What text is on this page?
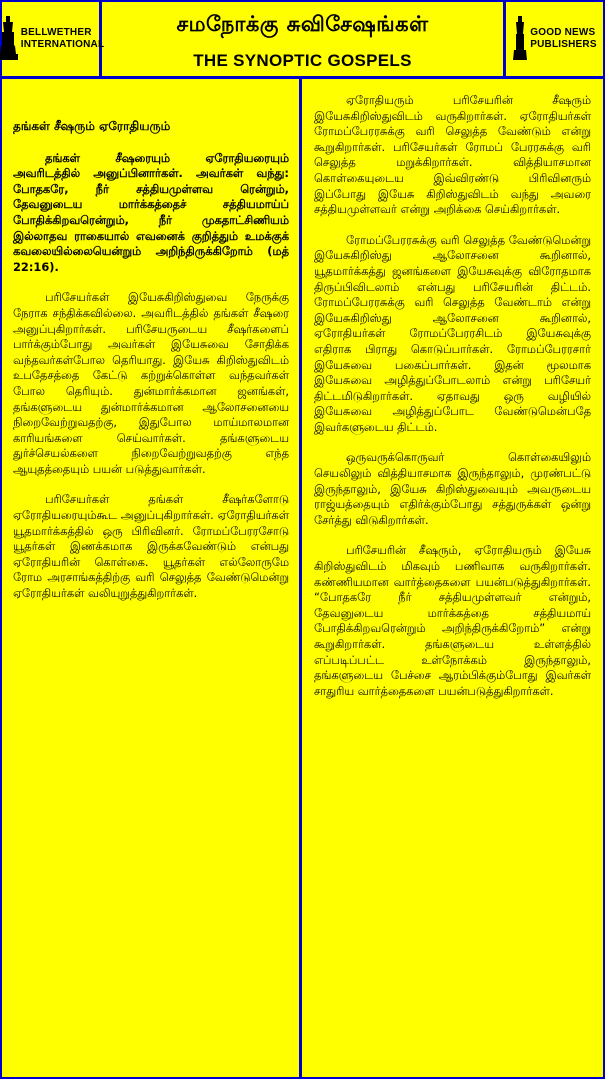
BELLWETHER
INTERNATIONAL
சமநோக்கு சுவிசேஷங்கள்
THE SYNOPTIC GOSPELS
GOOD NEWS
PUBLISHERS
தங்கள் சீஷரும் ஏரோதியரும்

தங்கள் சீஷரையும் ஏரோதியரையும் அவரிடத்தில் அனுப்பினார்கள். அவர்கள் வந்து: போதகரே, நீர் சத்தியமுள்ளவ ரென்றும், தேவனுடைய மார்க்கத்தைச் சத்தியமாய்ப் போதிக்கிறவரென்றும், நீர் முகதாட்சிணியம் இல்லாதவ ராகையால் எவனைக் குறித்தும் உமக்குக் கவலையில்லையென்றும் அறிந்திருக்கிறோம் (மத் 22:16).

பரிசேயர்கள் இயேசுகிறிஸ்துவை நேருக்கு நேராக சந்திக்கவில்லை. அவரிடத்தில் தங்கள் சீஷரை அனுப்புகிறார்கள். பரிசேயருடைய சீஷர்களைப் பார்க்கும்போது அவர்கள் இயேசுவை சோதிக்க வந்தவர்கள்போல தெரியாது. இயேசு கிறிஸ்துவிடம் உபதேசத்தை கேட்டு கற்றுக்கொள்ள வந்தவர்கள் போல தெரியும். துன்மார்க்கமான ஜனங்கள், தங்களுடைய துன்மார்க்கமான ஆலோசனையை நிறைவேற்றுவதற்கு, இதுபோல மாய்மாலமான காரியங்களை செய்வார்கள். தங்களுடைய துர்ச்செயல்களை நிறைவேற்றுவதற்கு எந்த ஆயுதத்தையும் பயன் படுத்துவார்கள்.

பரிசேயர்கள் தங்கள் சீஷர்களோடு ஏரோதியரையும்கூட அனுப்புகிறார்கள். ஏரோதியர்கள் யூதமார்க்கத்தில் ஒரு பிரிவினர். ரோமப்பேரரசோடு யூதர்கள் இணக்கமாக இருக்கவேண்டும் என்பது ஏரோதியரின் கொள்கை. யூதர்கள் எல்லோருமே ரோம அரசாங்கத்திற்கு வரி செலுத்த வேண்டுமென்று ஏரோதியர்கள் வலியுறுத்துகிறார்கள்.

ஏரோதியரும் பரிசேயரின் சீஷரும் இயேசுகிறிஸ்துவிடம் வருகிறார்கள். ஏரோதியர்கள் ரோமப்பேரரசுக்கு வரி செலுத்த வேண்டும் என்று கூறுகிறார்கள். பரிசேயர்கள் ரோமப் பேரரசுக்கு வரி செலுத்த மறுக்கிறார்கள். வித்தியாசமான கொள்கையுடைய இவ்விரண்டு பிரிவினரும் இப்போது இயேசு கிறிஸ்துவிடம் வந்து அவரை சத்தியமுள்ளவர் என்று அறிக்கை செய்கிறார்கள்.

ரோமப்பேரரசுக்கு வரி செலுத்த வேண்டுமென்று இயேசுகிறிஸ்து ஆலோசனை கூறினால், யூதமார்க்கத்து ஜனங்களை இயேசுவுக்கு விரோதமாக திருப்பிவிடலாம் என்பது பரிசேயரின் திட்டம். ரோமப்பேரரசுக்கு வரி செலுத்த வேண்டாம் என்று இயேசுகிறிஸ்து ஆலோசனை கூறினால், ஏரோதியர்கள் ரோமப்பேரரசிடம் இயேசுவுக்கு எதிராக பிராது கொடுப்பார்கள். ரோமப்பேரரசார் இயேசுவை பகைப்பார்கள். இதன் மூலமாக இயேசுவை அழித்துப்போடலாம் என்று பரிசேயர் திட்டமிடுகிறார்கள். ஏதாவது ஒரு வழியில் இயேசுவை அழித்துப்போட வேண்டுமென்பதே இவர்களுடைய திட்டம்.

ஒருவருக்கொருவர் கொள்கையிலும் செயலிலும் வித்தியாசமாக இருந்தாலும், முரண்பட்டு இருந்தாலும், இயேசு கிறிஸ்துவையும் அவருடைய ராஜ்யத்தையும் எதிர்க்கும்போது சத்துருக்கள் ஒன்று சேர்த்து விடுகிறார்கள்.

பரிசேயரின் சீஷரும், ஏரோதியரும் இயேசு கிறிஸ்துவிடம் மிகவும் பணிவாக வருகிறார்கள். கண்ணியமான வார்த்தைகளை பயன்படுத்துகிறார்கள். “போதகரே நீர் சத்தியமுள்ளவர் என்றும், தேவனுடைய மார்க்கத்தை சத்தியமாய் போதிக்கிறவரென்றும் அறிந்திருக்கிறோம்” என்று கூறுகிறார்கள். தங்களுடைய உள்ளத்தில் எப்படிப்பட்ட உள்நோக்கம் இருந்தாலும், தங்களுடைய பேச்சை ஆரம்பிக்கும்போது இவர்கள் சாதுரிய வார்த்தைகளை பயன்படுத்துகிறார்கள்.
